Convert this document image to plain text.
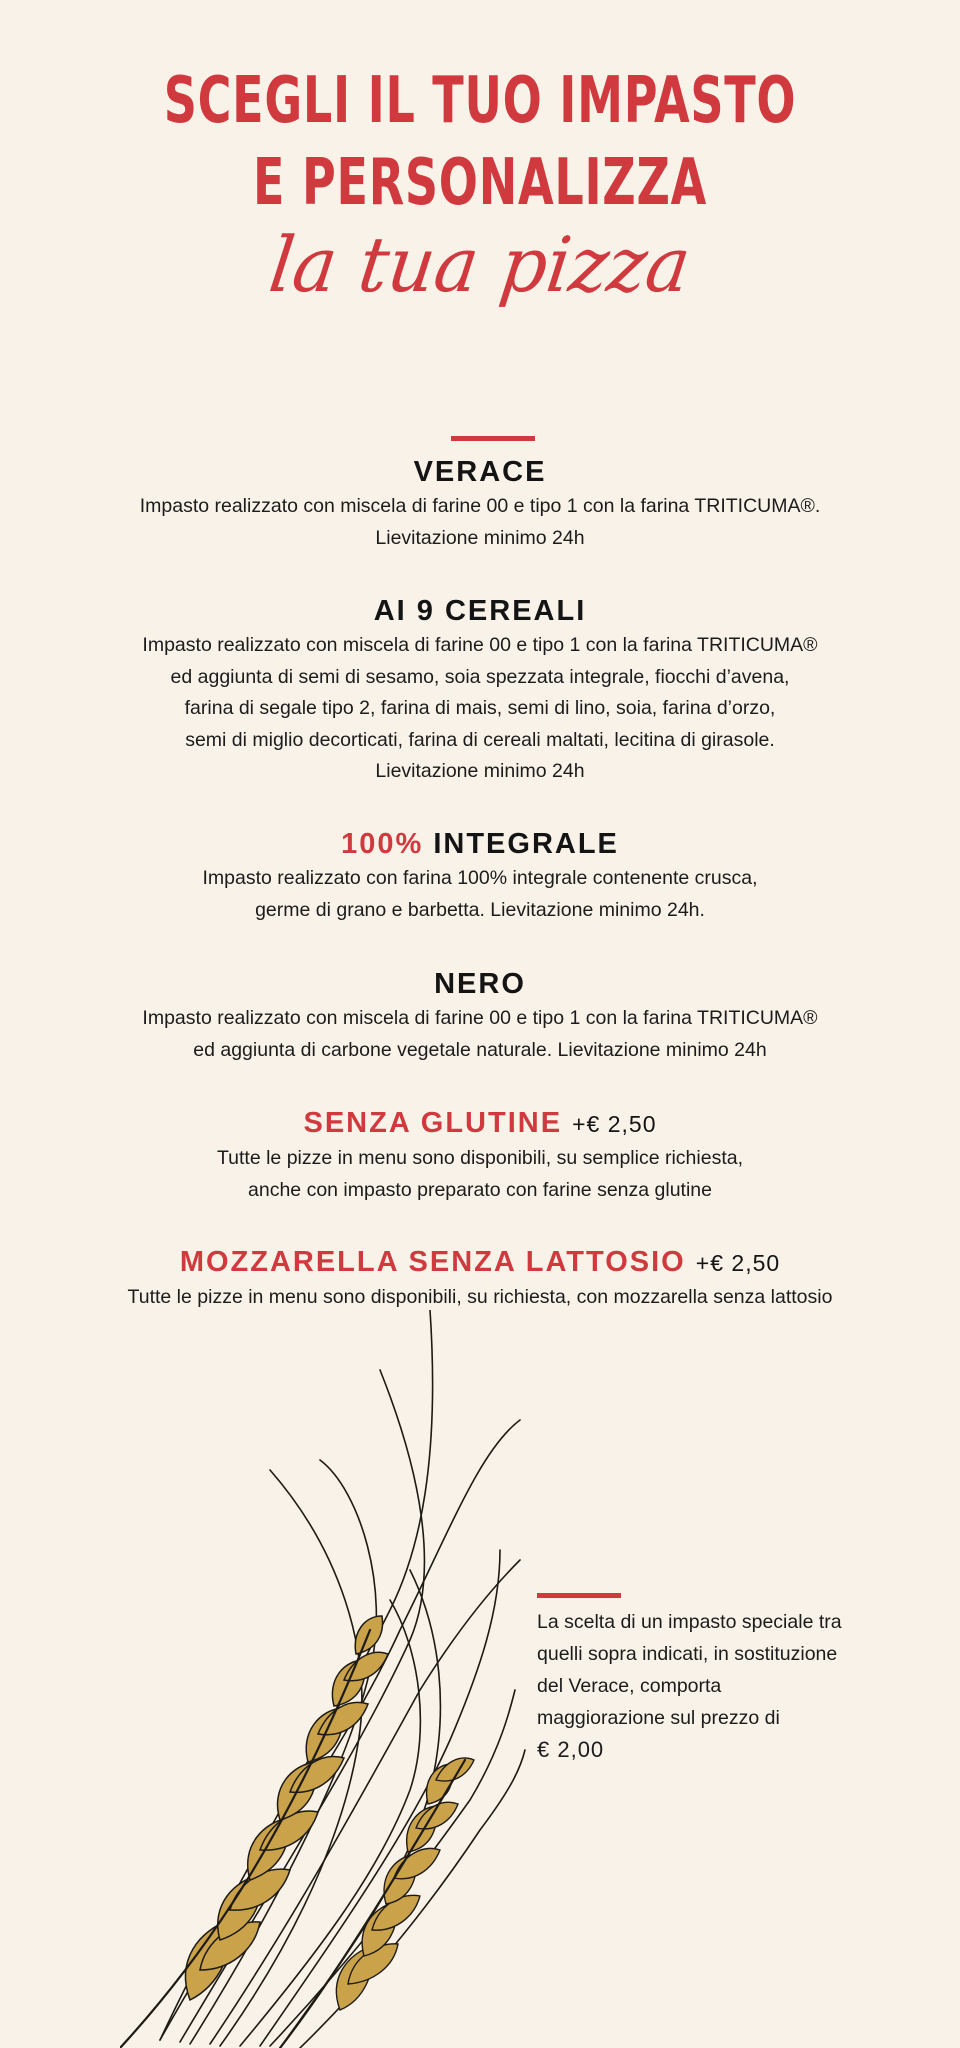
SCEGLI IL TUO IMPASTO
E PERSONALIZZA
la tua pizza
VERACE
Impasto realizzato con miscela di farine 00 e tipo 1 con la farina TRITICUMA®.
Lievitazione minimo 24h
AI 9 CEREALI
Impasto realizzato con miscela di farine 00 e tipo 1 con la farina TRITICUMA®
ed aggiunta di semi di sesamo, soia spezzata integrale, fiocchi d’avena,
farina di segale tipo 2, farina di mais, semi di lino, soia, farina d’orzo,
semi di miglio decorticati, farina di cereali maltati, lecitina di girasole.
Lievitazione minimo 24h
100% INTEGRALE
Impasto realizzato con farina 100% integrale contenente crusca,
germe di grano e barbetta. Lievitazione minimo 24h.
NERO
Impasto realizzato con miscela di farine 00 e tipo 1 con la farina TRITICUMA®
ed aggiunta di carbone vegetale naturale. Lievitazione minimo 24h
SENZA GLUTINE +€ 2,50
Tutte le pizze in menu sono disponibili, su semplice richiesta,
anche con impasto preparato con farine senza glutine
MOZZARELLA SENZA LATTOSIO +€ 2,50
Tutte le pizze in menu sono disponibili, su richiesta, con mozzarella senza lattosio
La scelta di un impasto speciale tra
quelli sopra indicati, in sostituzione
del Verace, comporta
maggiorazione sul prezzo di
€ 2,00
